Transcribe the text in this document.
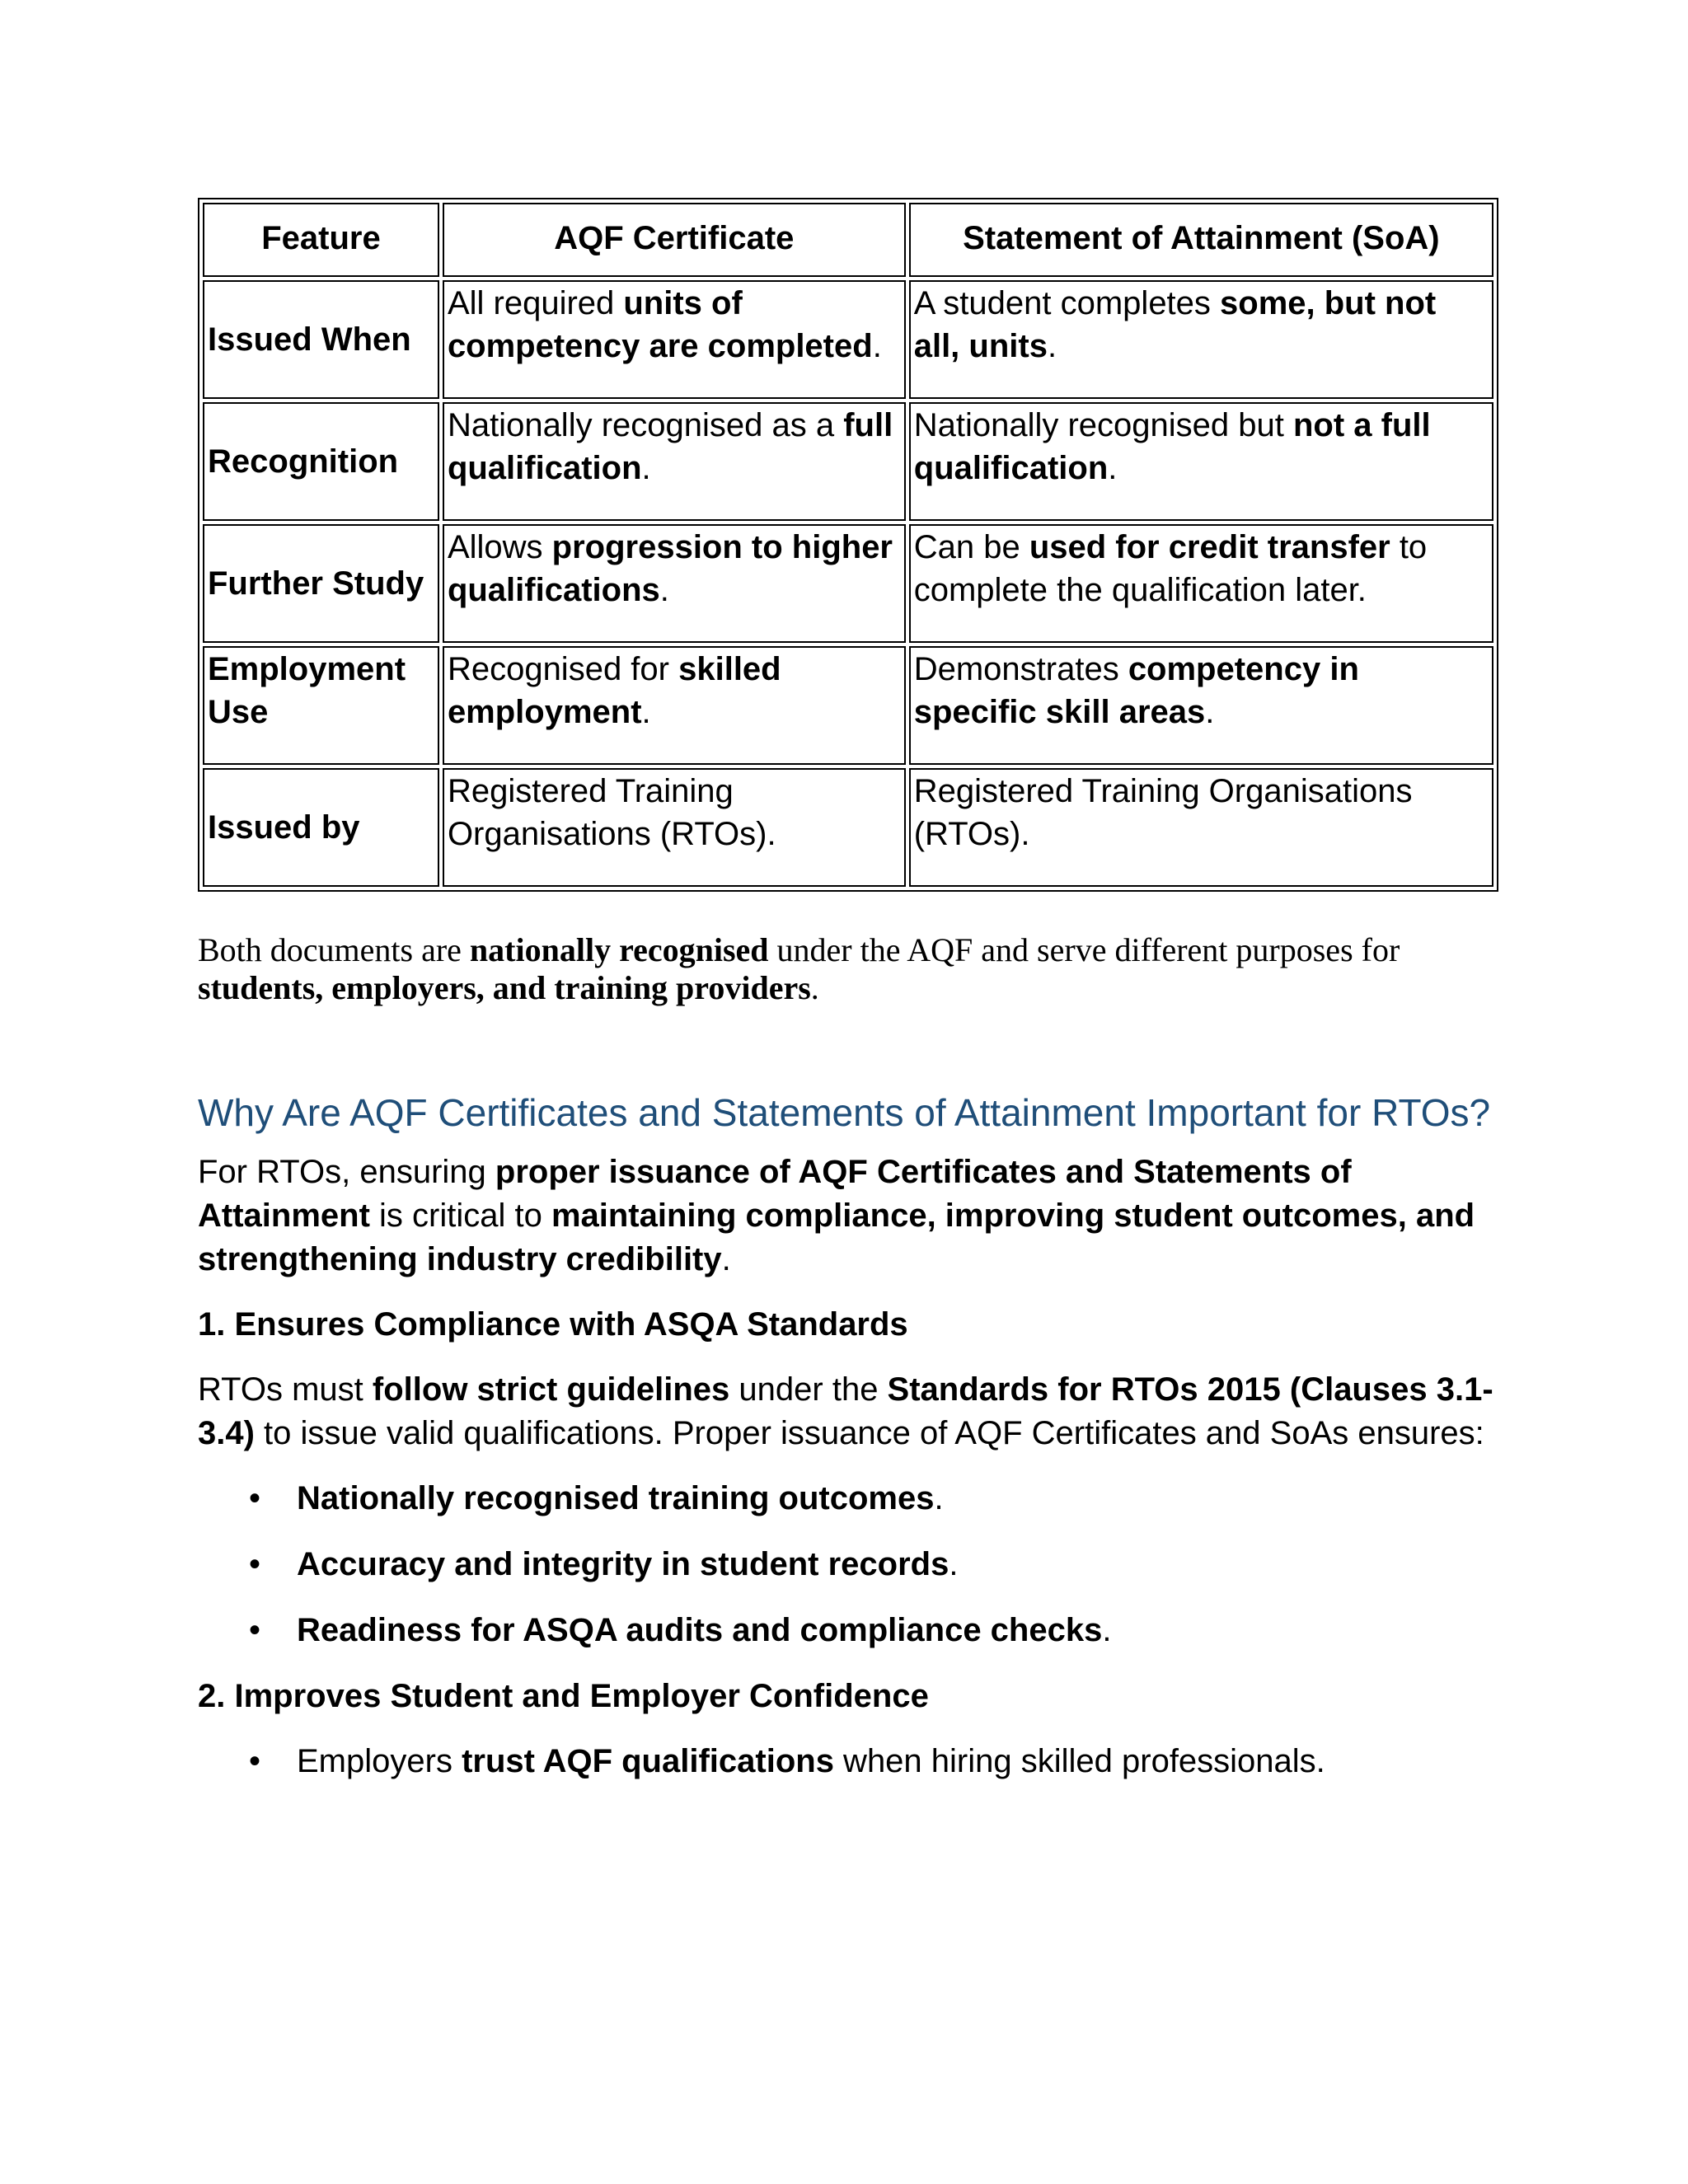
Feature	AQF Certificate	Statement of Attainment (SoA)
Issued When	All required units of competency are completed.	A student completes some, but not all, units.
Recognition	Nationally recognised as a full qualification.	Nationally recognised but not a full qualification.
Further Study	Allows progression to higher qualifications.	Can be used for credit transfer to complete the qualification later.
Employment Use	Recognised for skilled employment.	Demonstrates competency in specific skill areas.
Issued by	Registered Training Organisations (RTOs).	Registered Training Organisations (RTOs).

Both documents are nationally recognised under the AQF and serve different purposes for students, employers, and training providers.

Why Are AQF Certificates and Statements of Attainment Important for RTOs?

For RTOs, ensuring proper issuance of AQF Certificates and Statements of Attainment is critical to maintaining compliance, improving student outcomes, and strengthening industry credibility.

1. Ensures Compliance with ASQA Standards

RTOs must follow strict guidelines under the Standards for RTOs 2015 (Clauses 3.1-3.4) to issue valid qualifications. Proper issuance of AQF Certificates and SoAs ensures:

• Nationally recognised training outcomes.
• Accuracy and integrity in student records.
• Readiness for ASQA audits and compliance checks.
2. Improves Student and Employer Confidence
• Employers trust AQF qualifications when hiring skilled professionals.
